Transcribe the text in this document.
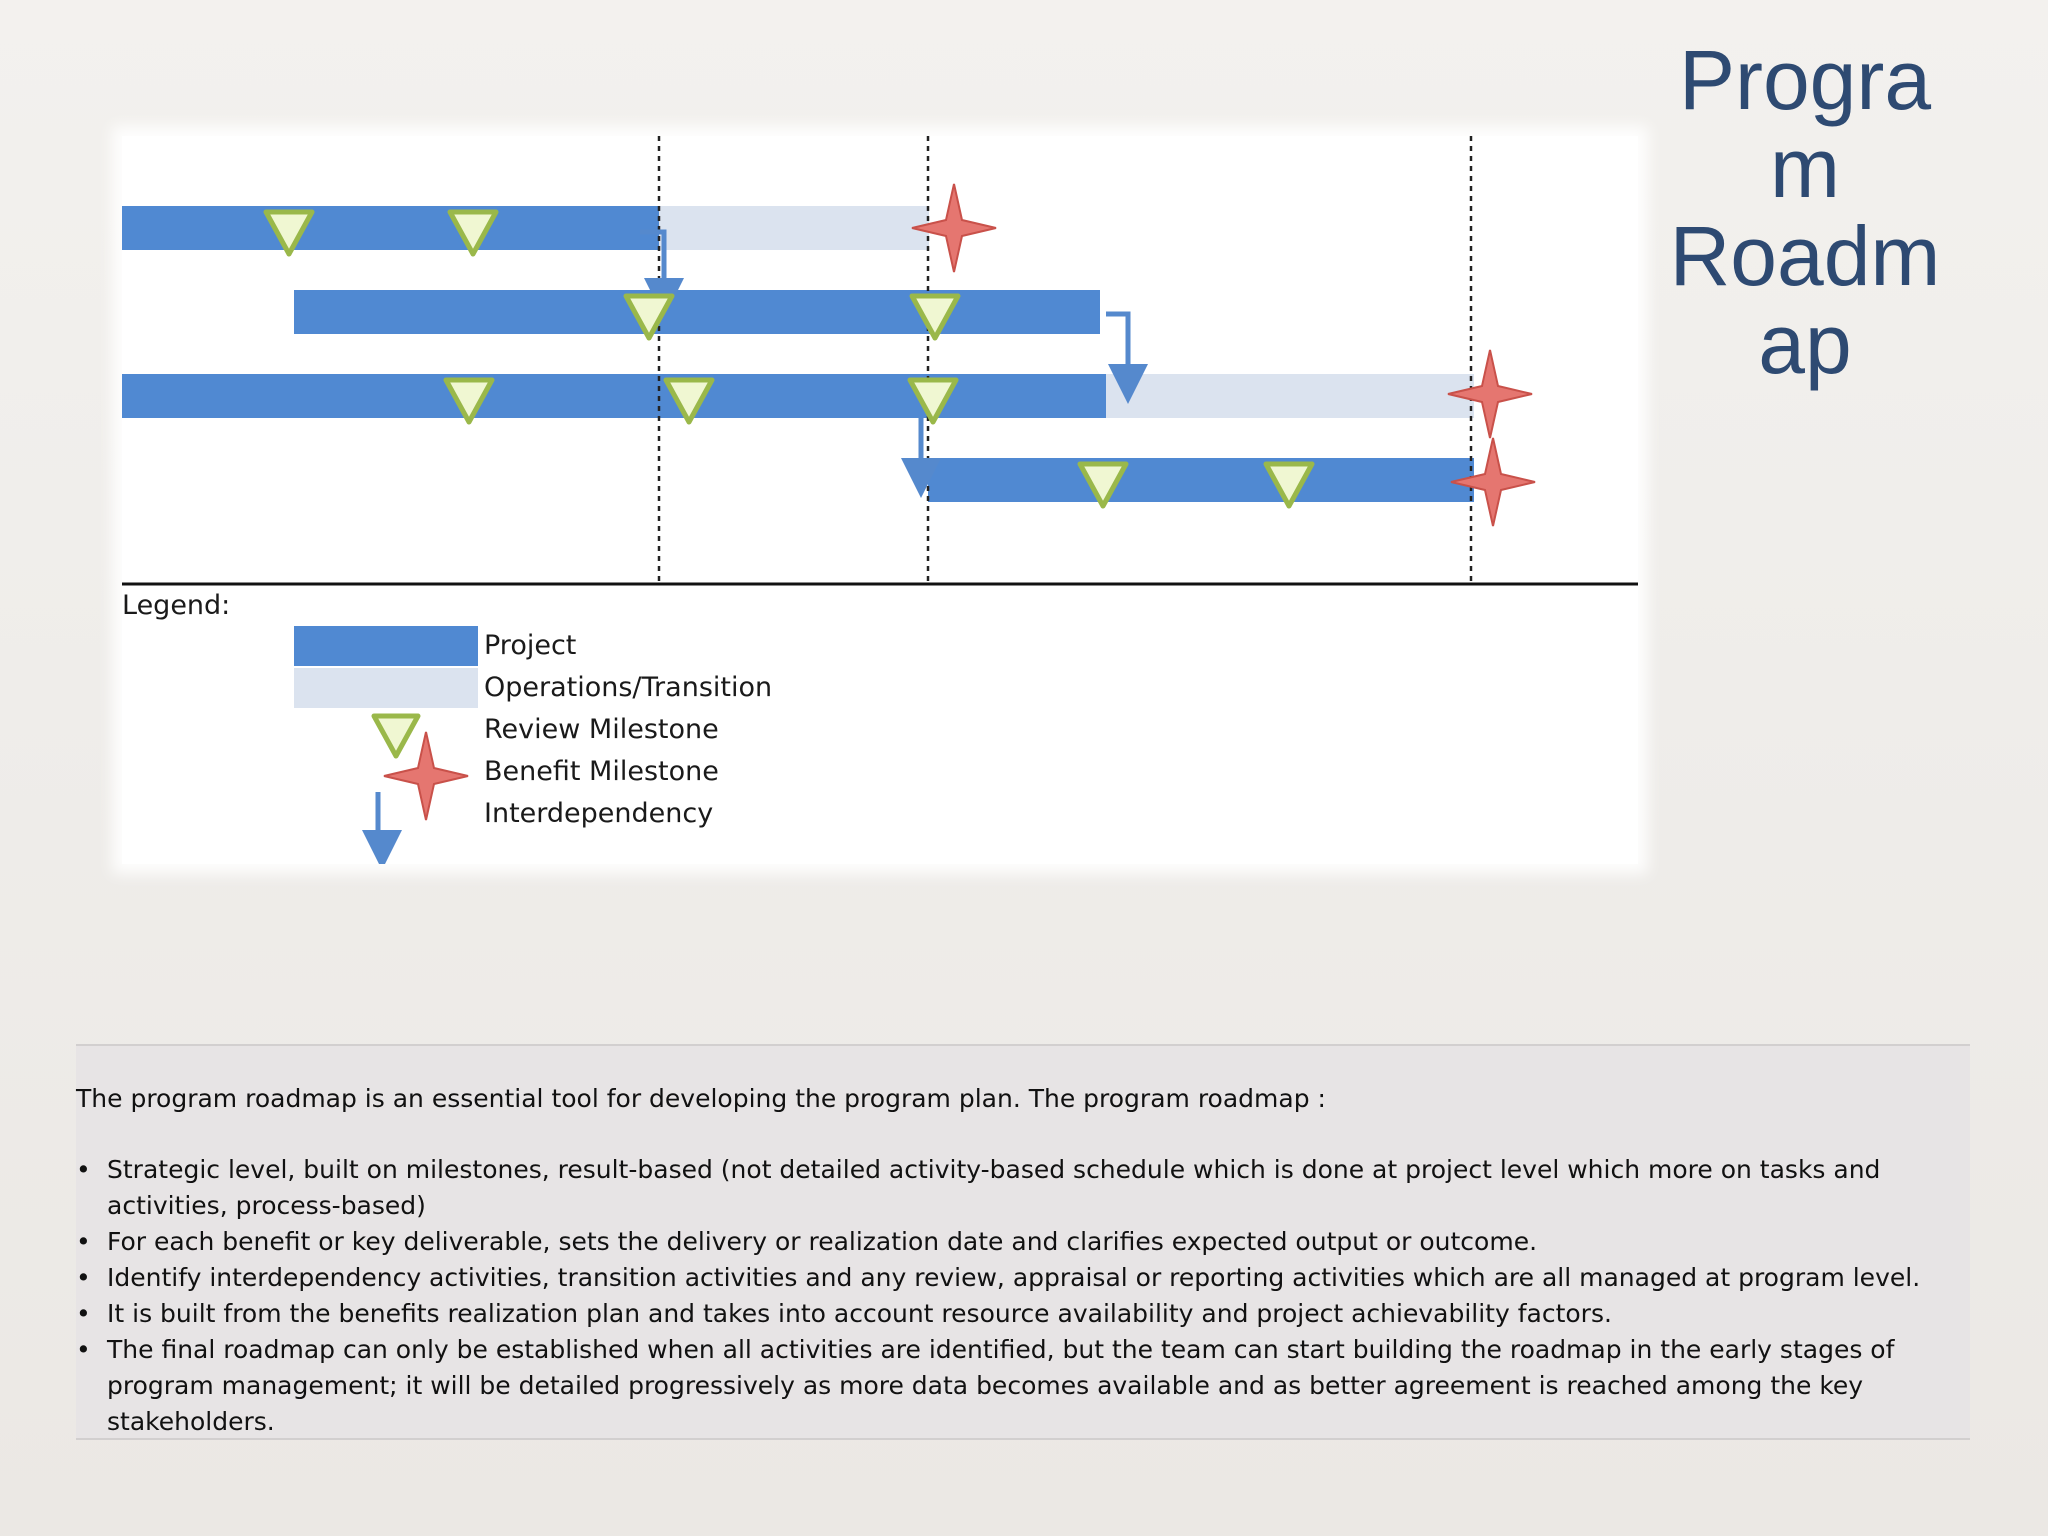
Progra
m
Roadm
ap
Legend:
Project
Operations/Transition
Review Milestone
Benefit Milestone
Interdependency
The program roadmap is an essential tool for developing the program plan. The program roadmap :
• Strategic level, built on milestones, result-based (not detailed activity-based schedule which is done at project level which more on tasks and activities, process-based)
• For each benefit or key deliverable, sets the delivery or realization date and clarifies expected output or outcome.
• Identify interdependency activities, transition activities and any review, appraisal or reporting activities which are all managed at program level.
• It is built from the benefits realization plan and takes into account resource availability and project achievability factors.
• The final roadmap can only be established when all activities are identified, but the team can start building the roadmap in the early stages of program management; it will be detailed progressively as more data becomes available and as better agreement is reached among the key stakeholders.
